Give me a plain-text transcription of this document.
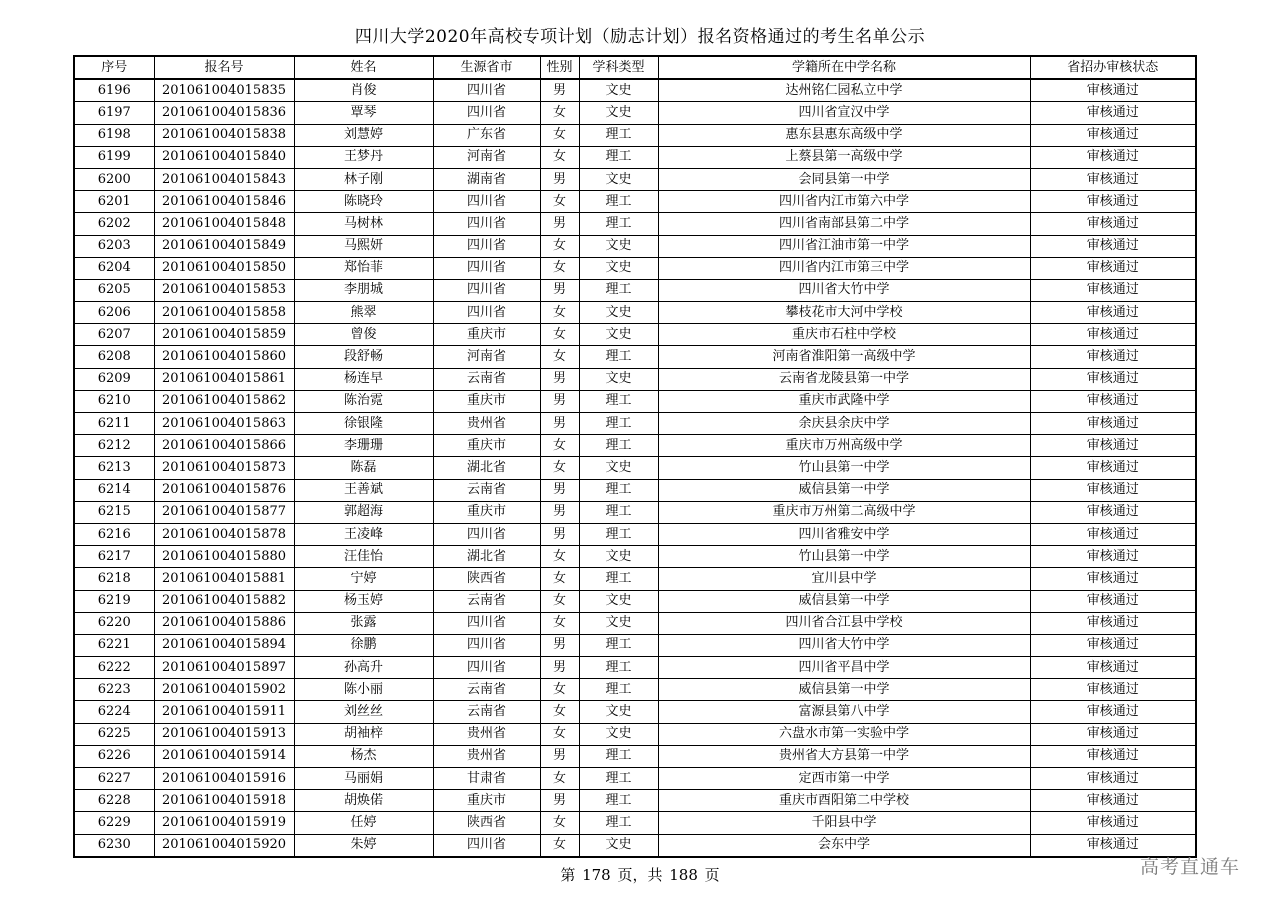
四川大学2020年高校专项计划（励志计划）报名资格通过的考生名单公示
序号	报名号	姓名	生源省市	性别	学科类型	学籍所在中学名称	省招办审核状态
6196	201061004015835	肖俊	四川省	男	文史	达州铭仁园私立中学	审核通过
6197	201061004015836	覃琴	四川省	女	文史	四川省宣汉中学	审核通过
6198	201061004015838	刘慧婷	广东省	女	理工	惠东县惠东高级中学	审核通过
6199	201061004015840	王梦丹	河南省	女	理工	上蔡县第一高级中学	审核通过
6200	201061004015843	林子刚	湖南省	男	文史	会同县第一中学	审核通过
6201	201061004015846	陈晓玲	四川省	女	理工	四川省内江市第六中学	审核通过
6202	201061004015848	马树林	四川省	男	理工	四川省南部县第二中学	审核通过
6203	201061004015849	马熙妍	四川省	女	文史	四川省江油市第一中学	审核通过
6204	201061004015850	郑怡菲	四川省	女	文史	四川省内江市第三中学	审核通过
6205	201061004015853	李朋城	四川省	男	理工	四川省大竹中学	审核通过
6206	201061004015858	熊翠	四川省	女	文史	攀枝花市大河中学校	审核通过
6207	201061004015859	曾俊	重庆市	女	文史	重庆市石柱中学校	审核通过
6208	201061004015860	段舒畅	河南省	女	理工	河南省淮阳第一高级中学	审核通过
6209	201061004015861	杨连早	云南省	男	文史	云南省龙陵县第一中学	审核通过
6210	201061004015862	陈治霓	重庆市	男	理工	重庆市武隆中学	审核通过
6211	201061004015863	徐银隆	贵州省	男	理工	余庆县余庆中学	审核通过
6212	201061004015866	李珊珊	重庆市	女	理工	重庆市万州高级中学	审核通过
6213	201061004015873	陈磊	湖北省	女	文史	竹山县第一中学	审核通过
6214	201061004015876	王善斌	云南省	男	理工	威信县第一中学	审核通过
6215	201061004015877	郭超海	重庆市	男	理工	重庆市万州第二高级中学	审核通过
6216	201061004015878	王凌峰	四川省	男	理工	四川省雅安中学	审核通过
6217	201061004015880	汪佳怡	湖北省	女	文史	竹山县第一中学	审核通过
6218	201061004015881	宁婷	陕西省	女	理工	宜川县中学	审核通过
6219	201061004015882	杨玉婷	云南省	女	文史	威信县第一中学	审核通过
6220	201061004015886	张露	四川省	女	文史	四川省合江县中学校	审核通过
6221	201061004015894	徐鹏	四川省	男	理工	四川省大竹中学	审核通过
6222	201061004015897	孙高升	四川省	男	理工	四川省平昌中学	审核通过
6223	201061004015902	陈小丽	云南省	女	理工	威信县第一中学	审核通过
6224	201061004015911	刘丝丝	云南省	女	文史	富源县第八中学	审核通过
6225	201061004015913	胡袖梓	贵州省	女	文史	六盘水市第一实验中学	审核通过
6226	201061004015914	杨杰	贵州省	男	理工	贵州省大方县第一中学	审核通过
6227	201061004015916	马丽娟	甘肃省	女	理工	定西市第一中学	审核通过
6228	201061004015918	胡焕偌	重庆市	男	理工	重庆市酉阳第二中学校	审核通过
6229	201061004015919	任婷	陕西省	女	理工	千阳县中学	审核通过
6230	201061004015920	朱婷	四川省	女	文史	会东中学	审核通过
第 178 页，共 188 页	高考直通车
